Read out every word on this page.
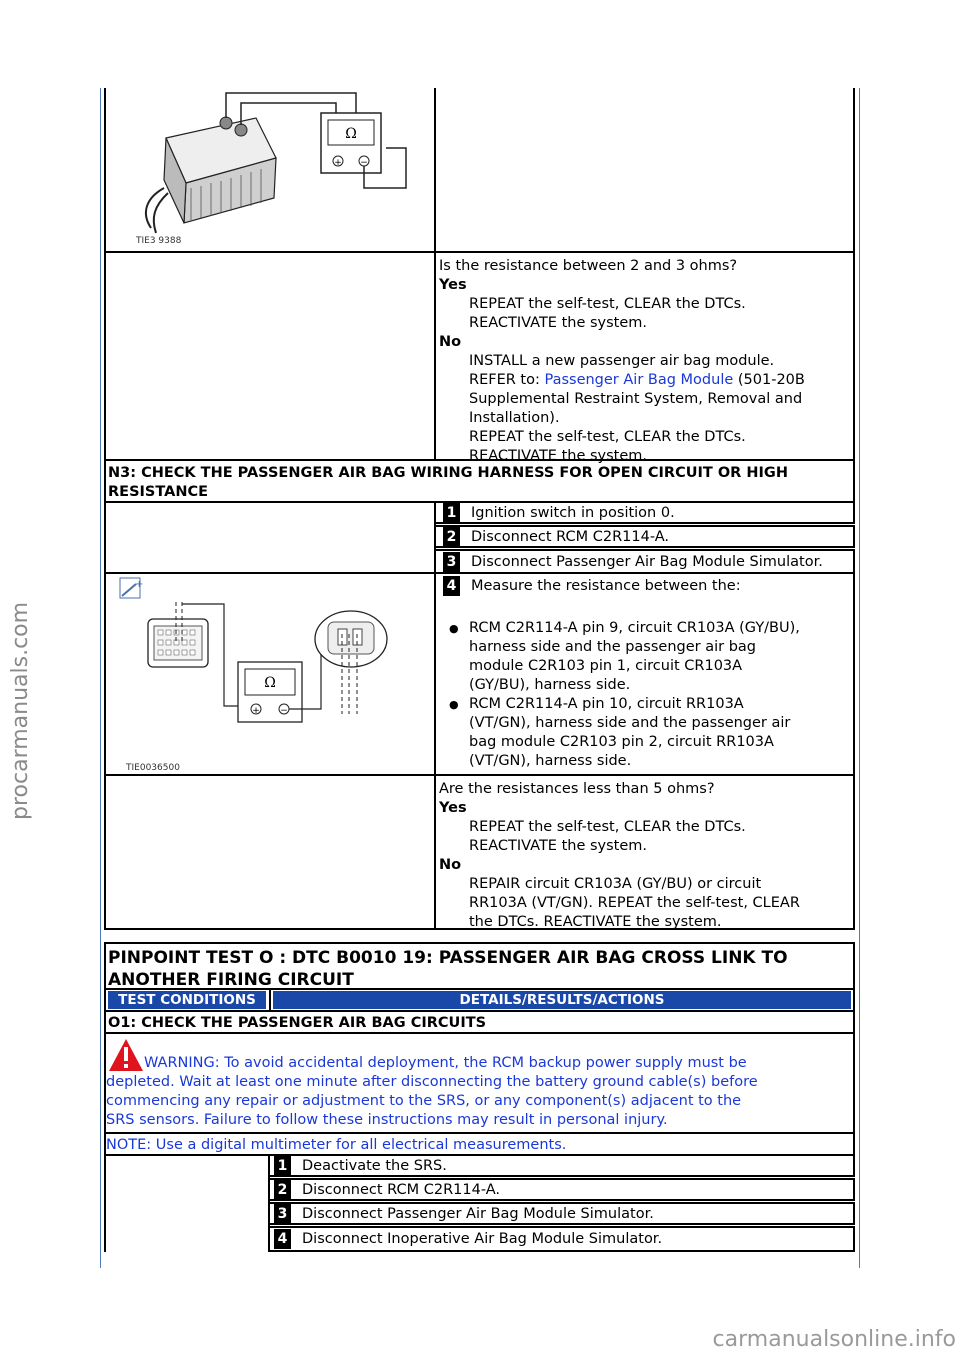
procarmanuals.com
carmanualsonline.info
Ω
+ −
TIE3 9388
Is the resistance between 2 and 3 ohms?
Yes
REPEAT the self-test, CLEAR the DTCs.
REACTIVATE the system.
No
INSTALL a new passenger air bag module.
REFER to: Passenger Air Bag Module (501-20B
Supplemental Restraint System, Removal and
Installation).
REPEAT the self-test, CLEAR the DTCs.
REACTIVATE the system.
N3: CHECK THE PASSENGER AIR BAG WIRING HARNESS FOR OPEN CIRCUIT OR HIGH
RESISTANCE
1 Ignition switch in position 0.
2 Disconnect RCM C2R114-A.
3 Disconnect Passenger Air Bag Module Simulator.
+
Ω
+ −
TIE0036500
4 Measure the resistance between the:
● RCM C2R114-A pin 9, circuit CR103A (GY/BU),
harness side and the passenger air bag
module C2R103 pin 1, circuit CR103A
(GY/BU), harness side.
● RCM C2R114-A pin 10, circuit RR103A
(VT/GN), harness side and the passenger air
bag module C2R103 pin 2, circuit RR103A
(VT/GN), harness side.
Are the resistances less than 5 ohms?
Yes
REPEAT the self-test, CLEAR the DTCs.
REACTIVATE the system.
No
REPAIR circuit CR103A (GY/BU) or circuit
RR103A (VT/GN). REPEAT the self-test, CLEAR
the DTCs. REACTIVATE the system.
PINPOINT TEST O : DTC B0010 19: PASSENGER AIR BAG CROSS LINK TO
ANOTHER FIRING CIRCUIT
TEST CONDITIONS	DETAILS/RESULTS/ACTIONS
O1: CHECK THE PASSENGER AIR BAG CIRCUITS
WARNING: To avoid accidental deployment, the RCM backup power supply must be
depleted. Wait at least one minute after disconnecting the battery ground cable(s) before
commencing any repair or adjustment to the SRS, or any component(s) adjacent to the
SRS sensors. Failure to follow these instructions may result in personal injury.
NOTE: Use a digital multimeter for all electrical measurements.
1 Deactivate the SRS.
2 Disconnect RCM C2R114-A.
3 Disconnect Passenger Air Bag Module Simulator.
4 Disconnect Inoperative Air Bag Module Simulator.
